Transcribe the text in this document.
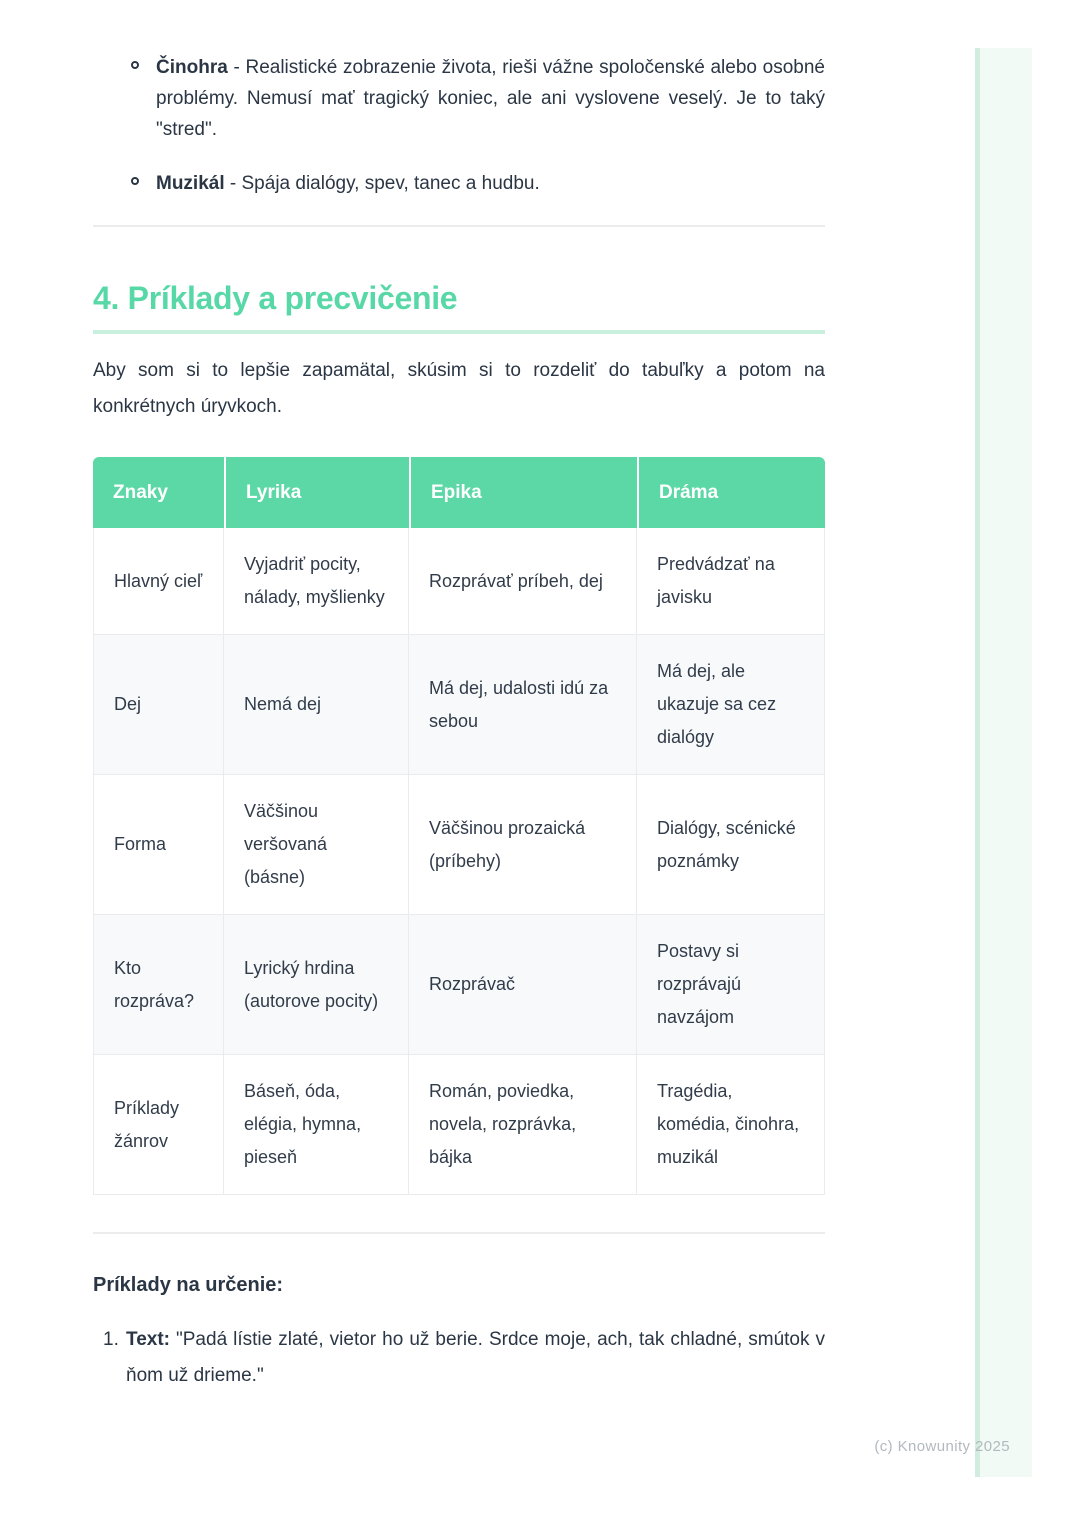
Činohra - Realistické zobrazenie života, rieši vážne spoločenské alebo osobné problémy. Nemusí mať tragický koniec, ale ani vyslovene veselý. Je to taký "stred".
Muzikál - Spája dialógy, spev, tanec a hudbu.
4. Príklady a precvičenie

Aby som si to lepšie zapamätal, skúsim si to rozdeliť do tabuľky a potom na konkrétnych úryvkoch.

Znaky	Lyrika	Epika	Dráma
Hlavný cieľ	Vyjadriť pocity, nálady, myšlienky	Rozprávať príbeh, dej	Predvádzať na javisku
Dej	Nemá dej	Má dej, udalosti idú za sebou	Má dej, ale ukazuje sa cez dialógy
Forma	Väčšinou veršovaná (básne)	Väčšinou prozaická (príbehy)	Dialógy, scénické poznámky
Kto rozpráva?	Lyrický hrdina (autorove pocity)	Rozprávač	Postavy si rozprávajú navzájom
Príklady žánrov	Báseň, óda, elégia, hymna, pieseň	Román, poviedka, novela, rozprávka, bájka	Tragédia, komédia, činohra, muzikál
Príklady na určenie:
1. Text: "Padá lístie zlaté, vietor ho už berie. Srdce moje, ach, tak chladné, smútok v ňom už drieme."
(c) Knowunity 2025
